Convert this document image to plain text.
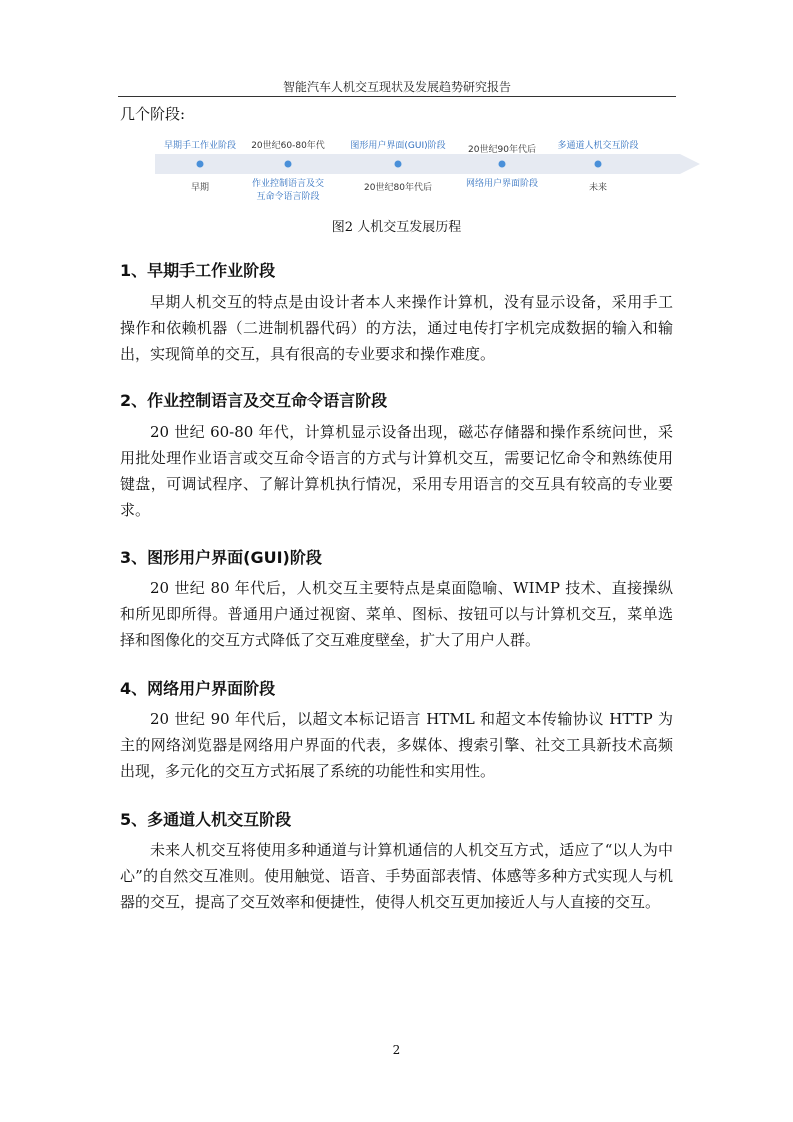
智能汽车人机交互现状及发展趋势研究报告
几个阶段:
早期手工作业阶段	20世纪60-80年代	图形用户界面(GUI)阶段	20世纪90年代后	多通道人机交互阶段
早期	作业控制语言及交互命令语言阶段
20世纪80年代后	网络用户界面阶段	未来
图2 人机交互发展历程
1、早期手工作业阶段

早期人机交互的特点是由设计者本人来操作计算机，没有显示设备，采用手工操作和依赖机器（二进制机器代码）的方法，通过电传打字机完成数据的输入和输出，实现简单的交互，具有很高的专业要求和操作难度。

2、作业控制语言及交互命令语言阶段

20 世纪 60-80 年代，计算机显示设备出现，磁芯存储器和操作系统问世，采用批处理作业语言或交互命令语言的方式与计算机交互，需要记忆命令和熟练使用键盘，可调试程序、了解计算机执行情况，采用专用语言的交互具有较高的专业要求。

3、图形用户界面(GUI)阶段

20 世纪 80 年代后，人机交互主要特点是桌面隐喻、WIMP 技术、直接操纵和所见即所得。普通用户通过视窗、菜单、图标、按钮可以与计算机交互，菜单选择和图像化的交互方式降低了交互难度壁垒，扩大了用户人群。

4、网络用户界面阶段

20 世纪 90 年代后，以超文本标记语言 HTML 和超文本传输协议 HTTP 为主的网络浏览器是网络用户界面的代表，多媒体、搜索引擎、社交工具新技术高频出现，多元化的交互方式拓展了系统的功能性和实用性。

5、多通道人机交互阶段

未来人机交互将使用多种通道与计算机通信的人机交互方式，适应了“以人为中心”的自然交互准则。使用触觉、语音、手势面部表情、体感等多种方式实现人与机器的交互，提高了交互效率和便捷性，使得人机交互更加接近人与人直接的交互。

2
